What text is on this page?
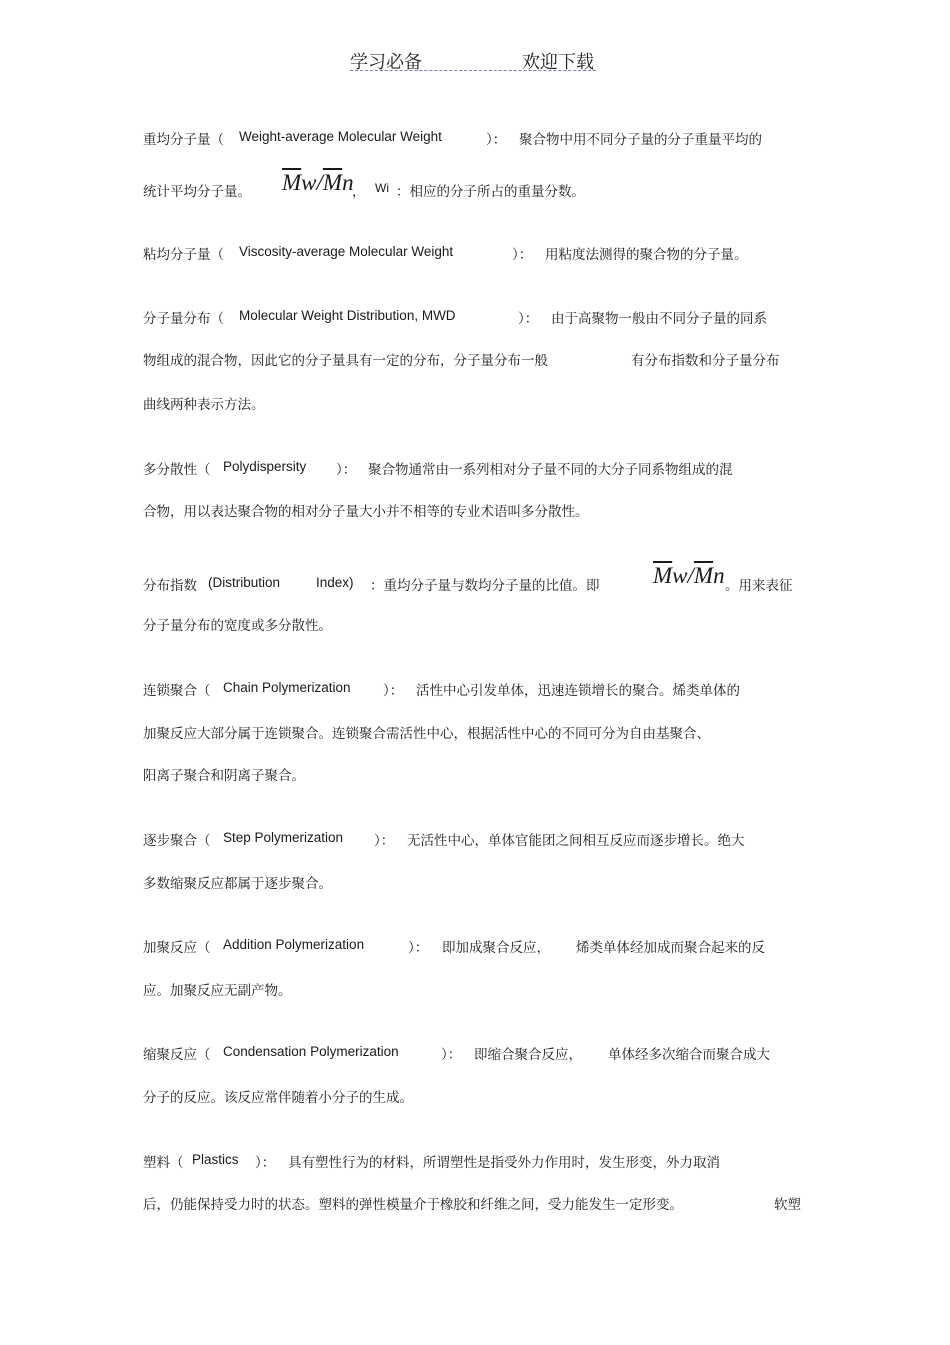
学习必备	欢迎下载
重均分子量（ Weight-average Molecular Weight	）： 聚合物中用不同分子量的分子重量平均的
统计平均分子量。 $\overline{M}w/\overline{M}n$
， Wi ：相应的分子所占的重量分数。
粘均分子量（ Viscosity-average Molecular Weight	）： 用粘度法测得的聚合物的分子量。
分子量分布（ Molecular Weight Distribution, MWD	）： 由于高聚物一般由不同分子量的同系
物组成的混合物，因此它的分子量具有一定的分布，分子量分布一般	有分布指数和分子量分布
曲线两种表示方法。
多分散性（ Polydispersity ）： 聚合物通常由一系列相对分子量不同的大分子同系物组成的混
合物，用以表达聚合物的相对分子量大小并不相等的专业术语叫多分散性。
分布指数 (Distribution	Index) ：重均分子量与数均分子量的比值。即 $\overline{M}w/\overline{M}n$ 。用来表征
分子量分布的宽度或多分散性。
连锁聚合（ Chain Polymerization ）： 活性中心引发单体，迅速连锁增长的聚合。烯类单体的
加聚反应大部分属于连锁聚合。连锁聚合需活性中心，根据活性中心的不同可分为自由基聚合、
阳离子聚合和阴离子聚合。
逐步聚合（ Step Polymerization ）： 无活性中心，单体官能团之间相互反应而逐步增长。绝大
多数缩聚反应都属于逐步聚合。
加聚反应（ Addition Polymerization	）： 即加成聚合反应， 烯类单体经加成而聚合起来的反
应。加聚反应无副产物。
缩聚反应（ Condensation Polymerization	）： 即缩合聚合反应， 单体经多次缩合而聚合成大
分子的反应。该反应常伴随着小分子的生成。
塑料（ Plastics ）： 具有塑性行为的材料，所谓塑性是指受外力作用时，发生形变，外力取消
后，仍能保持受力时的状态。塑料的弹性模量介于橡胶和纤维之间，受力能发生一定形变。	软塑
